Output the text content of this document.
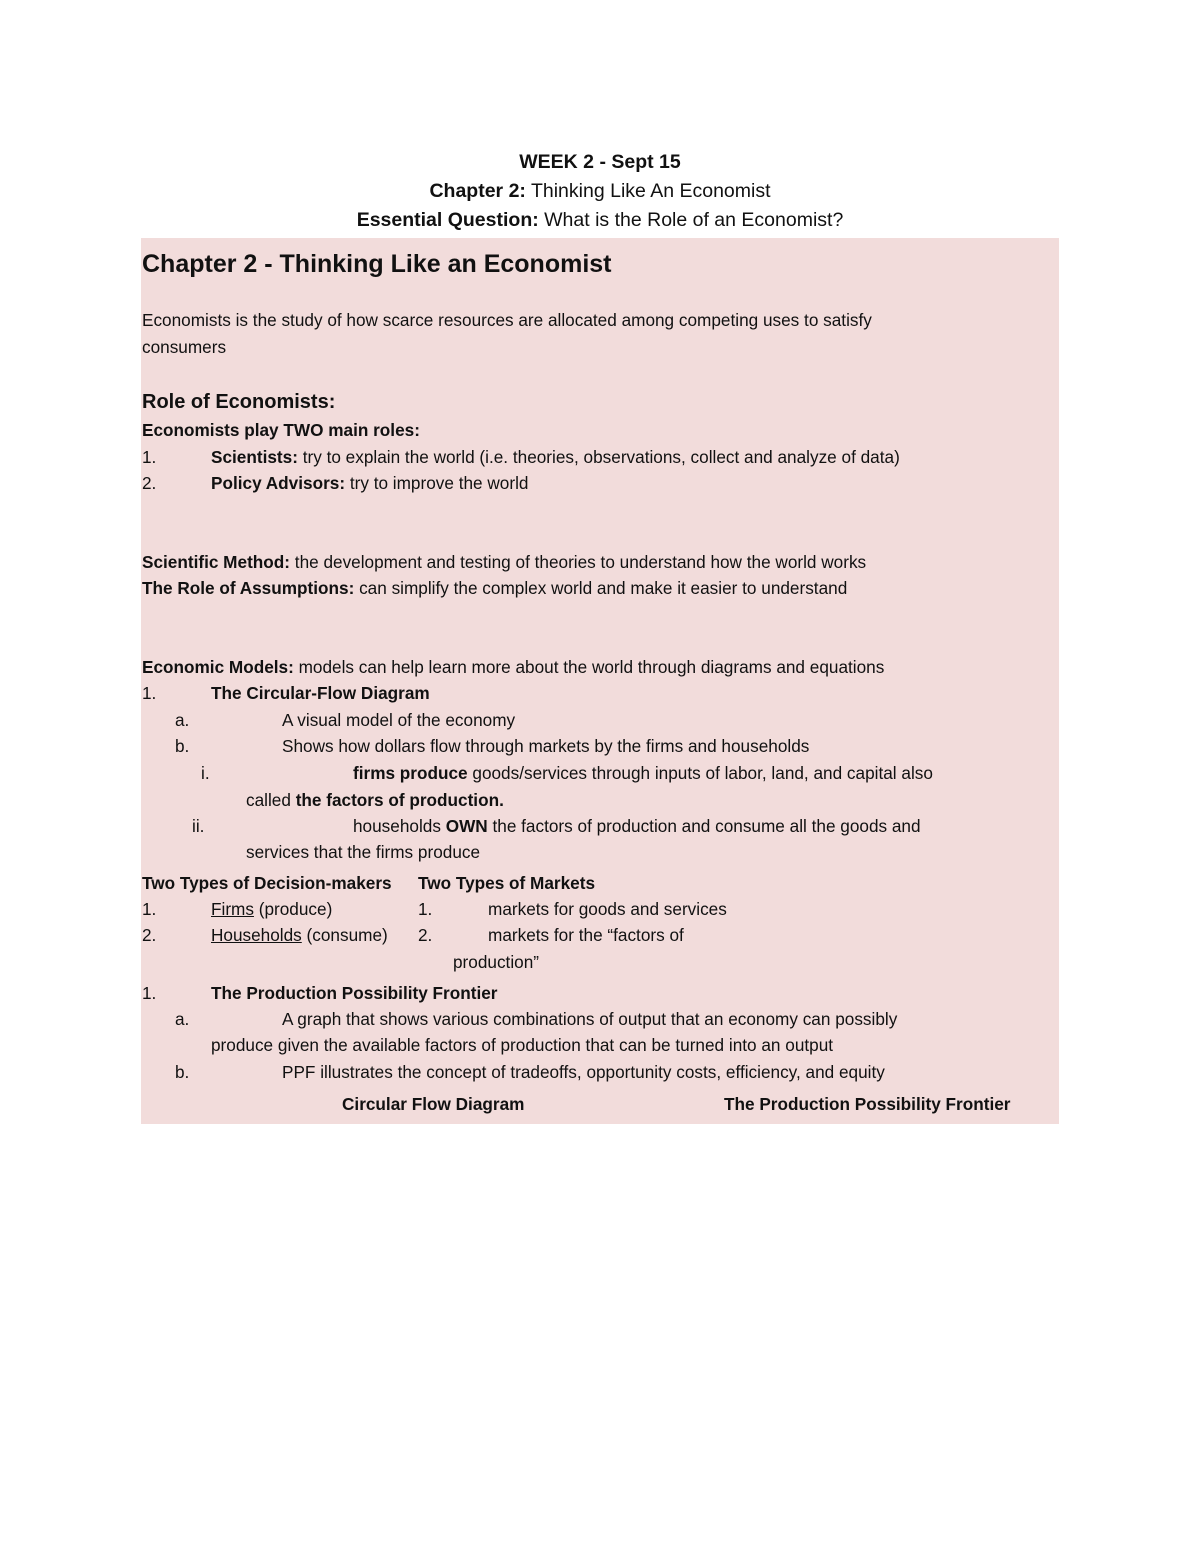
WEEK 2 - Sept 15
Chapter 2: Thinking Like An Economist
Essential Question: What is the Role of an Economist?
Chapter 2 - Thinking Like an Economist
Economists is the study of how scarce resources are allocated among competing uses to satisfy
consumers
Role of Economists:
Economists play TWO main roles:
1.	Scientists: try to explain the world (i.e. theories, observations, collect and analyze of data)
2.	Policy Advisors: try to improve the world
Scientific Method: the development and testing of theories to understand how the world works
The Role of Assumptions: can simplify the complex world and make it easier to understand
Economic Models: models can help learn more about the world through diagrams and equations
1.	The Circular-Flow Diagram
a.	A visual model of the economy
b.	Shows how dollars flow through markets by the firms and households
i.	firms produce goods/services through inputs of labor, land, and capital also
called the factors of production.
ii.	households OWN the factors of production and consume all the goods and
services that the firms produce
Two Types of Decision-makers Two Types of Markets
1.	Firms (produce)	1.	markets for goods and services
2.	Households (consume) 2.	markets for the “factors of
production”
1.	The Production Possibility Frontier
a.	A graph that shows various combinations of output that an economy can possibly
produce given the available factors of production that can be turned into an output
b.	PPF illustrates the concept of tradeoffs, opportunity costs, efficiency, and equity
Circular Flow Diagram	The Production Possibility Frontier
